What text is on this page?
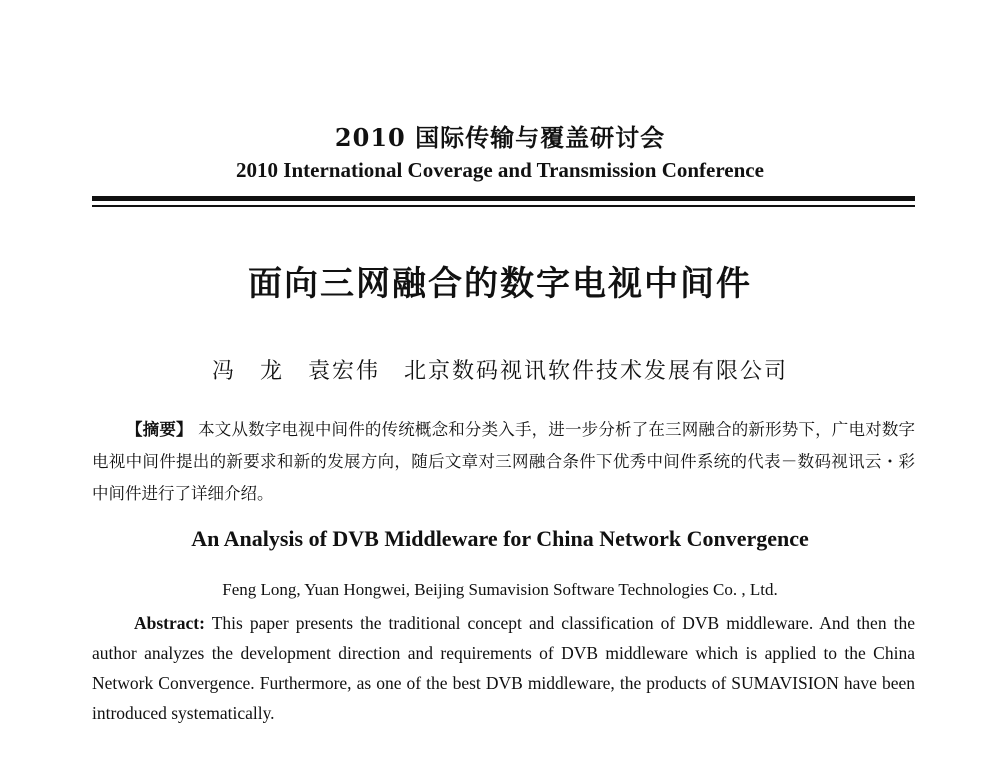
2010 国际传输与覆盖研讨会
2010 International Coverage and Transmission Conference
面向三网融合的数字电视中间件
冯　龙　袁宏伟　北京数码视讯软件技术发展有限公司
【摘要】 本文从数字电视中间件的传统概念和分类入手，进一步分析了在三网融合的新形势下，广电对数字电视中间件提出的新要求和新的发展方向，随后文章对三网融合条件下优秀中间件系统的代表－数码视讯云・彩中间件进行了详细介绍。
An Analysis of DVB Middleware for China Network Convergence
Feng Long, Yuan Hongwei, Beijing Sumavision Software Technologies Co. , Ltd.
Abstract: This paper presents the traditional concept and classification of DVB middleware. And then the author analyzes the development direction and requirements of DVB middleware which is applied to the China Network Convergence. Furthermore, as one of the best DVB middleware, the products of SUMAVISION have been introduced systematically.
